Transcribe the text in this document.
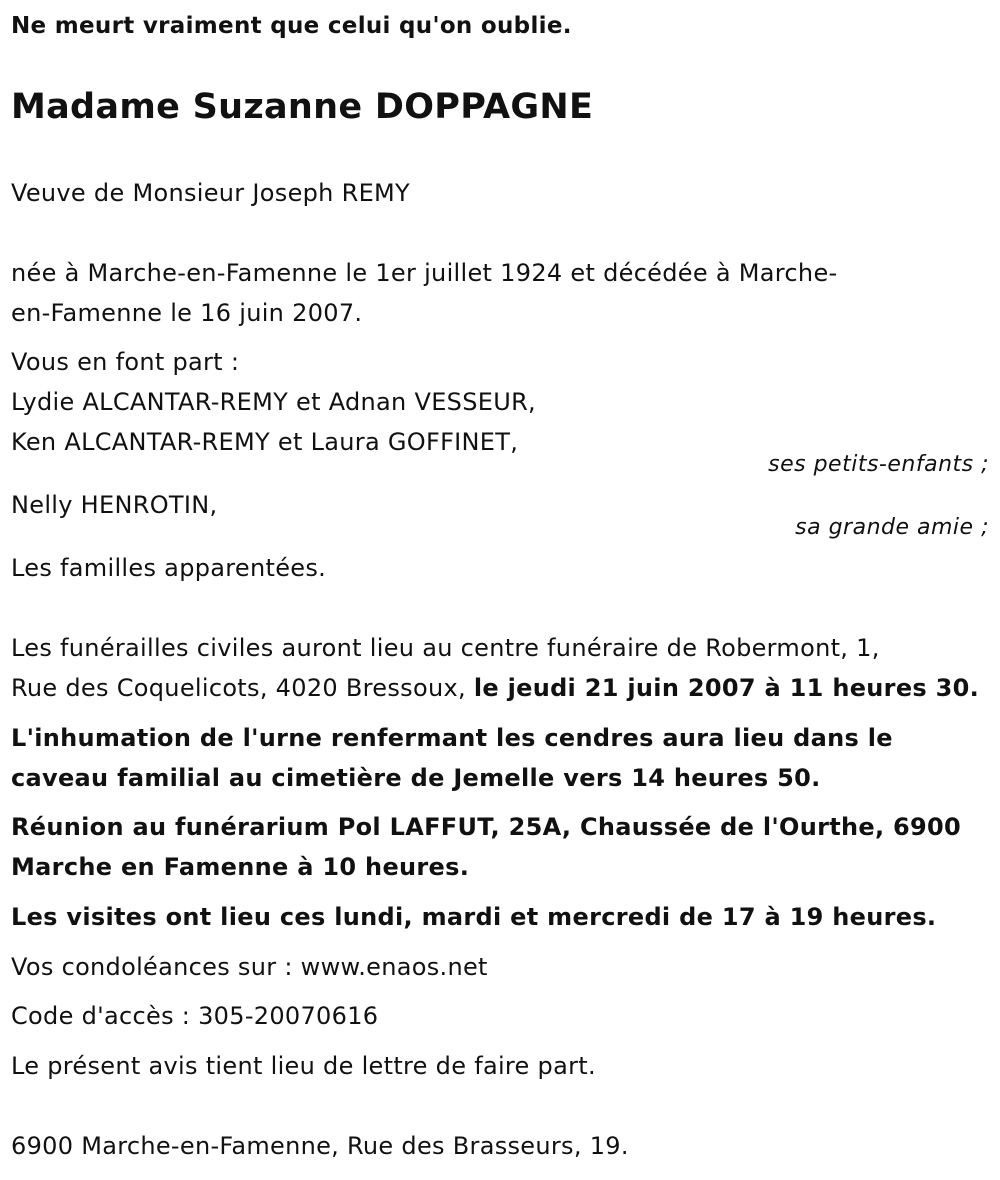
Ne meurt vraiment que celui qu'on oublie.
Madame Suzanne DOPPAGNE
Veuve de Monsieur Joseph REMY
née à Marche-en-Famenne le 1er juillet 1924 et décédée à Marche-
en-Famenne le 16 juin 2007.
Vous en font part :
Lydie ALCANTAR-REMY et Adnan VESSEUR,
Ken ALCANTAR-REMY et Laura GOFFINET,
ses petits-enfants ;
Nelly HENROTIN,
sa grande amie ;
Les familles apparentées.
Les funérailles civiles auront lieu au centre funéraire de Robermont, 1,
Rue des Coquelicots, 4020 Bressoux, le jeudi 21 juin 2007 à 11 heures 30.
L'inhumation de l'urne renfermant les cendres aura lieu dans le
caveau familial au cimetière de Jemelle vers 14 heures 50.
Réunion au funérarium Pol LAFFUT, 25A, Chaussée de l'Ourthe, 6900
Marche en Famenne à 10 heures.
Les visites ont lieu ces lundi, mardi et mercredi de 17 à 19 heures.
Vos condoléances sur : www.enaos.net
Code d'accès : 305-20070616
Le présent avis tient lieu de lettre de faire part.
6900 Marche-en-Famenne, Rue des Brasseurs, 19.
